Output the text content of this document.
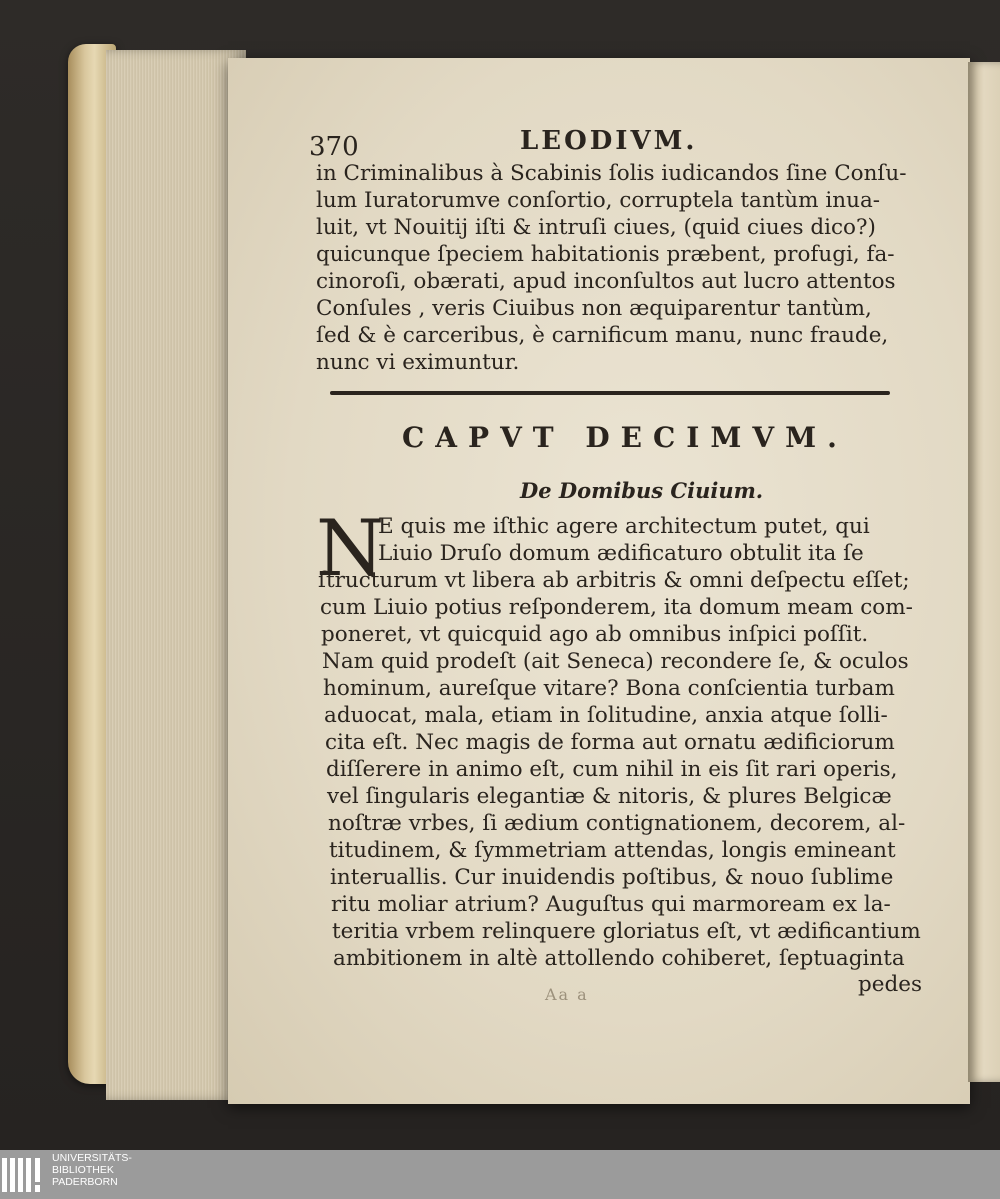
370	LEODIVM.
in Criminalibus à Scabinis ſolis iudicandos ſine Conſu-
lum Iuratorumve conſortio, corruptela tantùm inua-
luit, vt Nouitij iſti & intruſi ciues, (quid ciues dico?)
quicunque ſpeciem habitationis præbent, profugi, fa-
cinoroſi, obærati, apud inconſultos aut lucro attentos
Conſules , veris Ciuibus non æquiparentur tantùm,
ſed & è carceribus, è carnificum manu, nunc fraude,
nunc vi eximuntur.
CAPVT DECIMVM.
De Domibus Ciuium.
N
E quis me iſthic agere architectum putet, qui
Liuio Druſo domum ædificaturo obtulit ita ſe
ſtructurum vt libera ab arbitris & omni deſpectu eſſet;
cum Liuio potius reſponderem, ita domum meam com-
poneret, vt quicquid ago ab omnibus inſpici poſſit.
Nam quid prodeſt (ait Seneca) recondere ſe, & oculos
hominum, aureſque vitare? Bona conſcientia turbam
aduocat, mala, etiam in ſolitudine, anxia atque ſolli-
cita eſt. Nec magis de forma aut ornatu ædificiorum
diſſerere in animo eſt, cum nihil in eis ſit rari operis,
vel ſingularis elegantiæ & nitoris, & plures Belgicæ
noſtræ vrbes, ſi ædium contignationem, decorem, al-
titudinem, & ſymmetriam attendas, longis emineant
interuallis. Cur inuidendis poſtibus, & nouo ſublime
ritu moliar atrium? Auguſtus qui marmoream ex la-
teritia vrbem relinquere gloriatus eſt, vt ædificantium
ambitionem in altè attollendo cohiberet, ſeptuaginta
pedes
Aa a
UNIVERSITÄTS-
BIBLIOTHEK
PADERBORN
